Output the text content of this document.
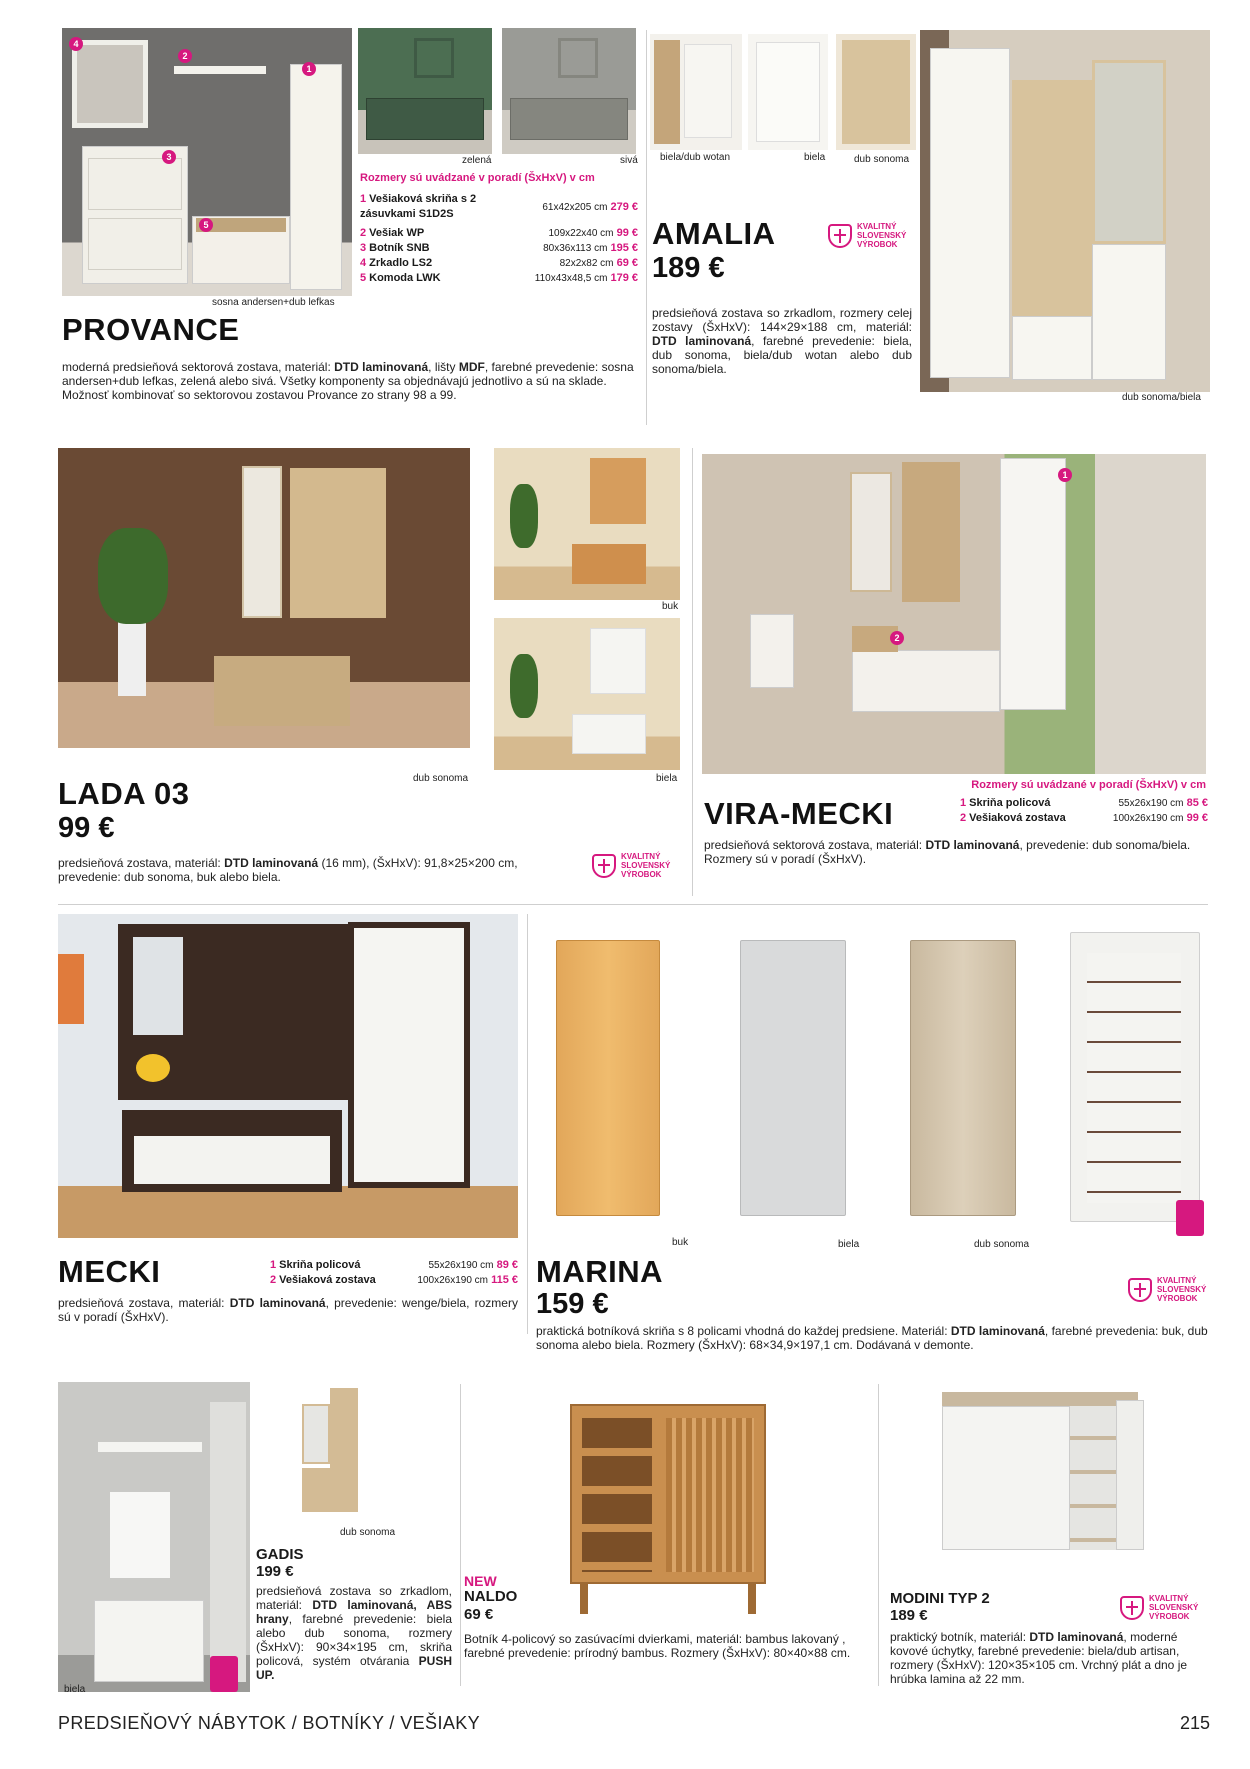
4
2
1
3
5
sosna andersen+dub lefkas
zelená	sivá
Rozmery sú uvádzané v poradí (ŠxHxV) v cm
1 Vešiaková skriňa s 2 zásuvkami S1D2S
61x42x205 cm 279 €
2 Vešiak WP	109x22x40 cm 99 €
3 Botník SNB	80x36x113 cm 195 €
4 Zrkadlo LS2	82x2x82 cm 69 €
5 Komoda LWK	110x43x48,5 cm 179 €
PROVANCE
moderná predsieňová sektorová zostava, materiál: DTD laminovaná, lišty MDF, farebné prevedenie: sosna andersen+dub lefkas, zelená alebo sivá. Všetky komponenty sa objednávajú jednotlivo a sú na sklade. Možnosť kombinovať so sektorovou zostavou Provance zo strany 98 a 99.
biela/dub wotan	biela	dub sonoma
dub sonoma/biela
AMALIA
189 €
KVALITNÝ
SLOVENSKÝ
VÝROBOK
predsieňová zostava so zrkadlom, rozmery celej zostavy (ŠxHxV): 144×29×188 cm, materiál: DTD laminovaná, farebné prevedenie: biela, dub sonoma, biela/dub wotan alebo dub sonoma/biela.
dub sonoma
buk
biela
LADA 03
99 €
KVALITNÝ
SLOVENSKÝ
VÝROBOK
predsieňová zostava, materiál: DTD laminovaná (16 mm), (ŠxHxV): 91,8×25×200 cm, prevedenie: dub sonoma, buk alebo biela.
1
2
Rozmery sú uvádzané v poradí (ŠxHxV) v cm
1 Skriňa policová	55x26x190 cm 85 €
2 Vešiaková zostava	100x26x190 cm 99 €
VIRA-MECKI
predsieňová sektorová zostava, materiál: DTD laminovaná, prevedenie: dub sonoma/biela. Rozmery sú v poradí (ŠxHxV).
MECKI	1 Skriňa policová	55x26x190 cm 89 €
2 Vešiaková zostava	100x26x190 cm 115 €
predsieňová zostava, materiál: DTD laminovaná, prevedenie: wenge/biela, rozmery sú v poradí (ŠxHxV).
buk	biela	dub sonoma
MARINA
159 €
KVALITNÝ
SLOVENSKÝ
VÝROBOK
praktická botníková skriňa s 8 policami vhodná do každej predsiene. Materiál: DTD laminovaná, farebné prevedenia: buk, dub sonoma alebo biela. Rozmery (ŠxHxV): 68×34,9×197,1 cm. Dodávaná v demonte.
biela
dub sonoma
GADIS
199 €
predsieňová zostava so zrkadlom, materiál: DTD laminovaná, ABS hrany, farebné prevedenie: biela alebo dub sonoma, rozmery (ŠxHxV): 90×34×195 cm, skriňa policová, systém otvárania PUSH UP.
NEW
NALDO
69 €
Botník 4-policový so zasúvacími dvierkami, materiál: bambus lakovaný , farebné prevedenie: prírodný bambus. Rozmery (ŠxHxV): 80×40×88 cm.
MODINI TYP 2
189 €
KVALITNÝ
SLOVENSKÝ
VÝROBOK
praktický botník, materiál: DTD laminovaná, moderné kovové úchytky, farebné prevedenie: biela/dub artisan, rozmery (ŠxHxV): 120×35×105 cm. Vrchný plát a dno je hrúbka lamina až 22 mm.
PREDSIEŇOVÝ NÁBYTOK / BOTNÍKY / VEŠIAKY	215
